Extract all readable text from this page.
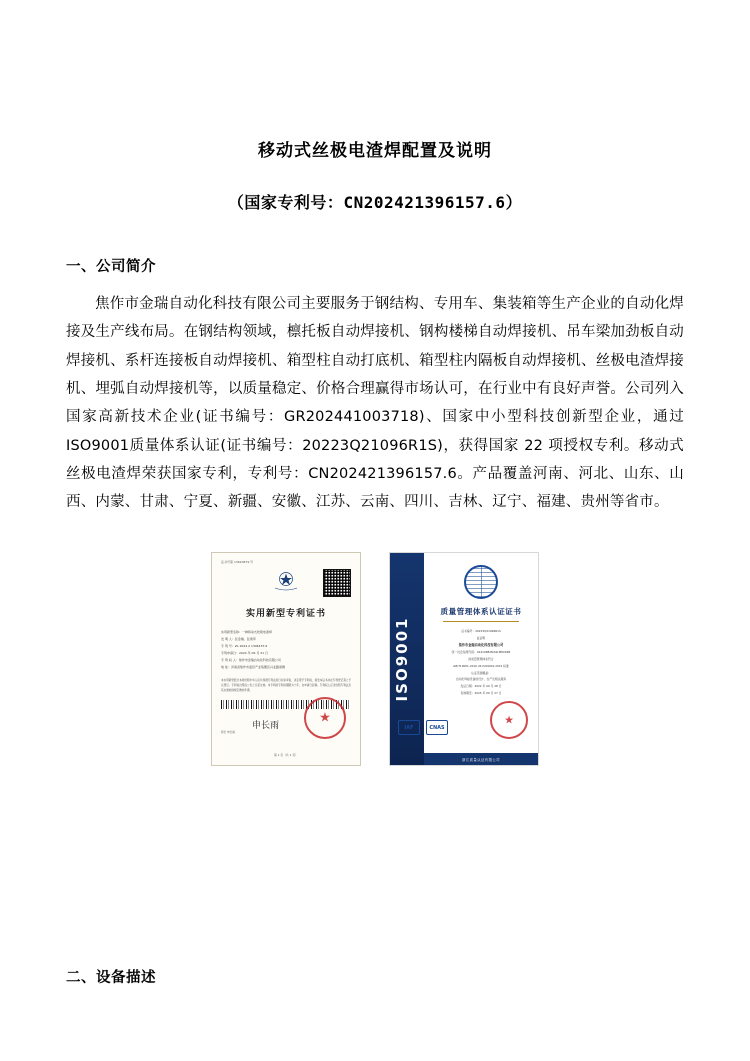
移动式丝极电渣焊配置及说明
（国家专利号：CN202421396157.6）
一、公司简介

焦作市金瑞自动化科技有限公司主要服务于钢结构、专用车、集装箱等生产企业的自动化焊接及生产线布局。在钢结构领域，檩托板自动焊接机、钢构楼梯自动焊接机、吊车梁加劲板自动焊接机、系杆连接板自动焊接机、箱型柱自动打底机、箱型柱内隔板自动焊接机、丝极电渣焊接机、埋弧自动焊接机等，以质量稳定、价格合理赢得市场认可，在行业中有良好声誉。公司列入国家高新技术企业(证书编号：GR202441003718)、国家中小型科技创新型企业，通过ISO9001质量体系认证(证书编号：20223Q21096R1S)，获得国家 22 项授权专利。移动式丝极电渣焊荣获国家专利，专利号：CN202421396157.6。产品覆盖河南、河北、山东、山西、内蒙、甘肃、宁夏、新疆、安徽、江苏、云南、四川、吉林、辽宁、福建、贵州等省市。

证书号第 13620879 号
实用新型专利证书
实用新型名称：一种移动式丝极电渣焊
发 明 人：张金瑞、张建军
专 利 号：ZL 2024 2 1396157.6
专利申请日：2024 年 06 月 21 日
专 利 权 人：焦作市金瑞自动化科技有限公司
地 址：河南省焦作市温县产业集聚区兴业路南侧
本实用新型经过本局依照中华人民共和国专利法进行初步审查，决定授予专利权，颁发本证书并在专利登记簿上予以登记。专利权自授权公告之日起生效。本专利的专利权期限为十年，自申请日起算。专利权人应当依照专利法及其实施细则规定缴纳年费。
申长雨
★
局长 申长雨
第 1 页（共 1 页）
ISO9001
质量管理体系认证证书
证书编号：20223Q21096R1S
兹证明
焦作市金瑞自动化科技有限公司
统一社会信用代码：91410882MA9LM8XK4B
的质量管理体系符合
GB/T19001-2016 idt ISO9001:2015 标准
认证范围覆盖：
自动化焊接设备的设计、生产及相关服务
发证日期：2022 年 09 月 28 日
有效期至：2025 年 09 月 27 日
IAF	CNAS
★
浙江质量认证有限公司
二、设备描述
